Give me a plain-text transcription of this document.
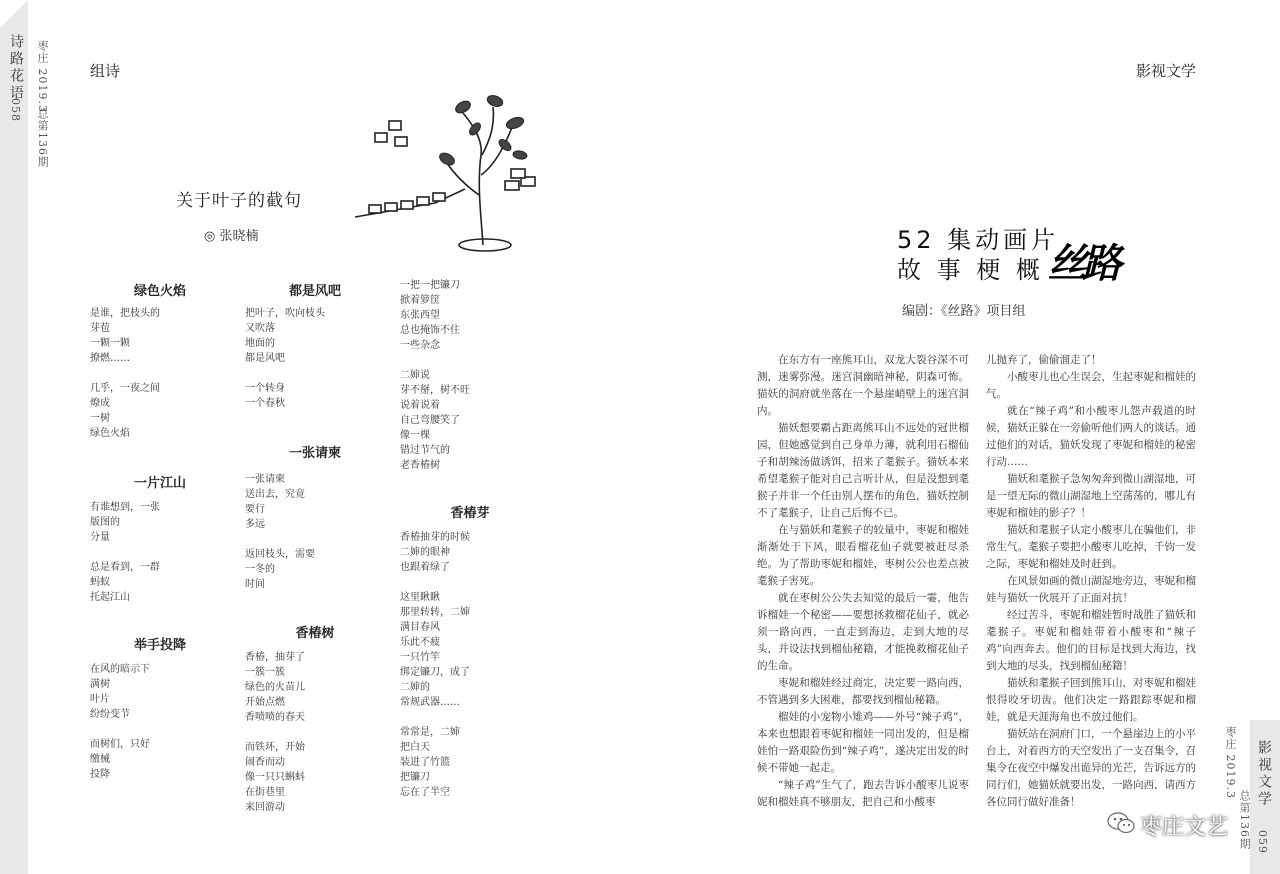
诗路花语
058 枣庄 2019.3
总第136期
组诗
关于叶子的截句
◎ 张晓楠
绿色火焰
是谁，把枝头的
芽苞
一颗一颗
撩燃……

几乎，一夜之间
燎成
一树
绿色火焰
一片江山
有谁想到，一张
版图的
分量

总是看到，一群
蚂蚁
托起江山
举手投降
在风的暗示下
满树
叶片
纷纷变节

而树们，只好
缴械
投降
都是风吧
把叶子，吹向枝头
又吹落
地面的
都是风吧

一个转身
一个春秋
一张请柬
一张请柬
送出去，究竟
要行
多远

返回枝头，需要
一冬的
时间
香椿树
香椿，抽芽了
一簇一簇
绿色的火苗儿
开始点燃
香喷喷的春天

而铁环，开始
闹香而动
像一只只蝌蚪
在街巷里
来回游动
一把一把镰刀
掀着箩筐
东张西望
总也掩饰不住
一些杂念

二婶说
芽不掰，树不旺
说着说着
自己弯腰笑了
像一棵
错过节气的
老香椿树
香椿芽
香椿抽芽的时候
二婶的眼神
也跟着绿了

这里瞅瞅
那里转转，二婶
满目春风
乐此不疲
一只竹竿
绑定镰刀，成了
二婶的
常规武器……

常常是，二婶
把白天
装进了竹篮
把镰刀
忘在了半空
影视文学
52 集动画片
故 事 梗 概 丝路
编剧：《丝路》项目组

在东方有一座熊耳山，双龙大裂谷深不可测，迷雾弥漫。迷宫洞幽暗神秘，阴森可怖。猫妖的洞府就坐落在一个悬崖峭壁上的迷宫洞内。

猫妖想要霸占距离熊耳山不远处的冠世榴园，但她感觉到自己身单力薄，就利用石榴仙子和胡辣汤做诱饵，招来了耄猴子。猫妖本来希望耄猴子能对自己言听计从，但是没想到耄猴子并非一个任由别人摆布的角色，猫妖控制不了耄猴子，让自己后悔不已。

在与猫妖和耄猴子的较量中，枣妮和榴娃渐渐处于下风，眼看榴花仙子就要被赶尽杀绝。为了帮助枣妮和榴娃，枣树公公也差点被耄猴子害死。

就在枣树公公失去知觉的最后一霎，他告诉榴娃一个秘密——要想拯救榴花仙子，就必须一路向西，一直走到海边，走到大地的尽头，并设法找到榴仙秘籍，才能挽救榴花仙子的生命。

枣妮和榴娃经过商定，决定要一路向西，不管遇到多大困难，都要找到榴仙秘籍。

榴娃的小宠物小雉鸡——外号“辣子鸡”，本来也想跟着枣妮和榴娃一同出发的，但是榴娃怕一路艰险伤到“辣子鸡”，遂决定出发的时候不带她一起走。

“辣子鸡”生气了，跑去告诉小酸枣儿说枣妮和榴娃真不够朋友，把自己和小酸枣

儿抛弃了，偷偷溜走了！

小酸枣儿也心生误会，生起枣妮和榴娃的气。

就在“辣子鸡”和小酸枣儿怨声载道的时候，猫妖正躲在一旁偷听他们两人的谈话。通过他们的对话，猫妖发现了枣妮和榴娃的秘密行动……

猫妖和耄猴子急匆匆奔到微山湖湿地，可是一望无际的微山湖湿地上空荡荡的，哪儿有枣妮和榴娃的影子？！

猫妖和耄猴子认定小酸枣儿在骗他们，非常生气。耄猴子要把小酸枣儿吃掉，千钧一发之际，枣妮和榴娃及时赶到。

在风景如画的微山湖湿地旁边，枣妮和榴娃与猫妖一伙展开了正面对抗！

经过苦斗，枣妮和榴娃暂时战胜了猫妖和耄猴子。枣妮和榴娃带着小酸枣和“辣子鸡”向西奔去。他们的目标是找到大海边，找到大地的尽头，找到榴仙秘籍！

猫妖和耄猴子回到熊耳山，对枣妮和榴娃恨得咬牙切齿。他们决定一路跟踪枣妮和榴娃，就是天涯海角也不放过他们。

猫妖站在洞府门口，一个悬崖边上的小平台上，对着西方的天空发出了一支召集令，召集令在夜空中爆发出诡异的光芒，告诉远方的同行们，她猫妖就要出发，一路向西，请西方各位同行做好准备！

枣庄 2019.3
总第136期
影视文学
059
枣庄文艺
